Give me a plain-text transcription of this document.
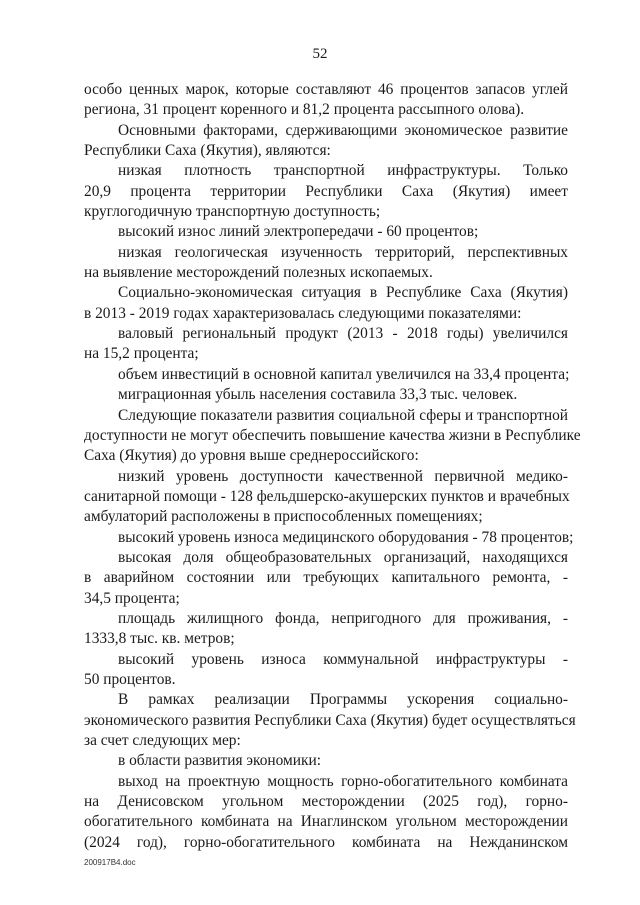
52
особо ценных марок, которые составляют 46 процентов запасов углей
региона, 31 процент коренного и 81,2 процента рассыпного олова).
Основными факторами, сдерживающими экономическое развитие
Республики Саха (Якутия), являются:
низкая плотность транспортной инфраструктуры. Только
20,9 процента территории Республики Саха (Якутия) имеет
круглогодичную транспортную доступность;
высокий износ линий электропередачи - 60 процентов;
низкая геологическая изученность территорий, перспективных
на выявление месторождений полезных ископаемых.
Социально-экономическая ситуация в Республике Саха (Якутия)
в 2013 - 2019 годах характеризовалась следующими показателями:
валовый региональный продукт (2013 - 2018 годы) увеличился
на 15,2 процента;
объем инвестиций в основной капитал увеличился на 33,4 процента;
миграционная убыль населения составила 33,3 тыс. человек.
Следующие показатели развития социальной сферы и транспортной
доступности не могут обеспечить повышение качества жизни в Республике
Саха (Якутия) до уровня выше среднероссийского:
низкий уровень доступности качественной первичной медико-
санитарной помощи - 128 фельдшерско-акушерских пунктов и врачебных
амбулаторий расположены в приспособленных помещениях;
высокий уровень износа медицинского оборудования - 78 процентов;
высокая доля общеобразовательных организаций, находящихся
в аварийном состоянии или требующих капитального ремонта, -
34,5 процента;
площадь жилищного фонда, непригодного для проживания, -
1333,8 тыс. кв. метров;
высокий уровень износа коммунальной инфраструктуры -
50 процентов.
В рамках реализации Программы ускорения социально-
экономического развития Республики Саха (Якутия) будет осуществляться
за счет следующих мер:
в области развития экономики:
выход на проектную мощность горно-обогатительного комбината
на Денисовском угольном месторождении (2025 год), горно-
обогатительного комбината на Инаглинском угольном месторождении
(2024 год), горно-обогатительного комбината на Нежданинском
200917B4.doc
